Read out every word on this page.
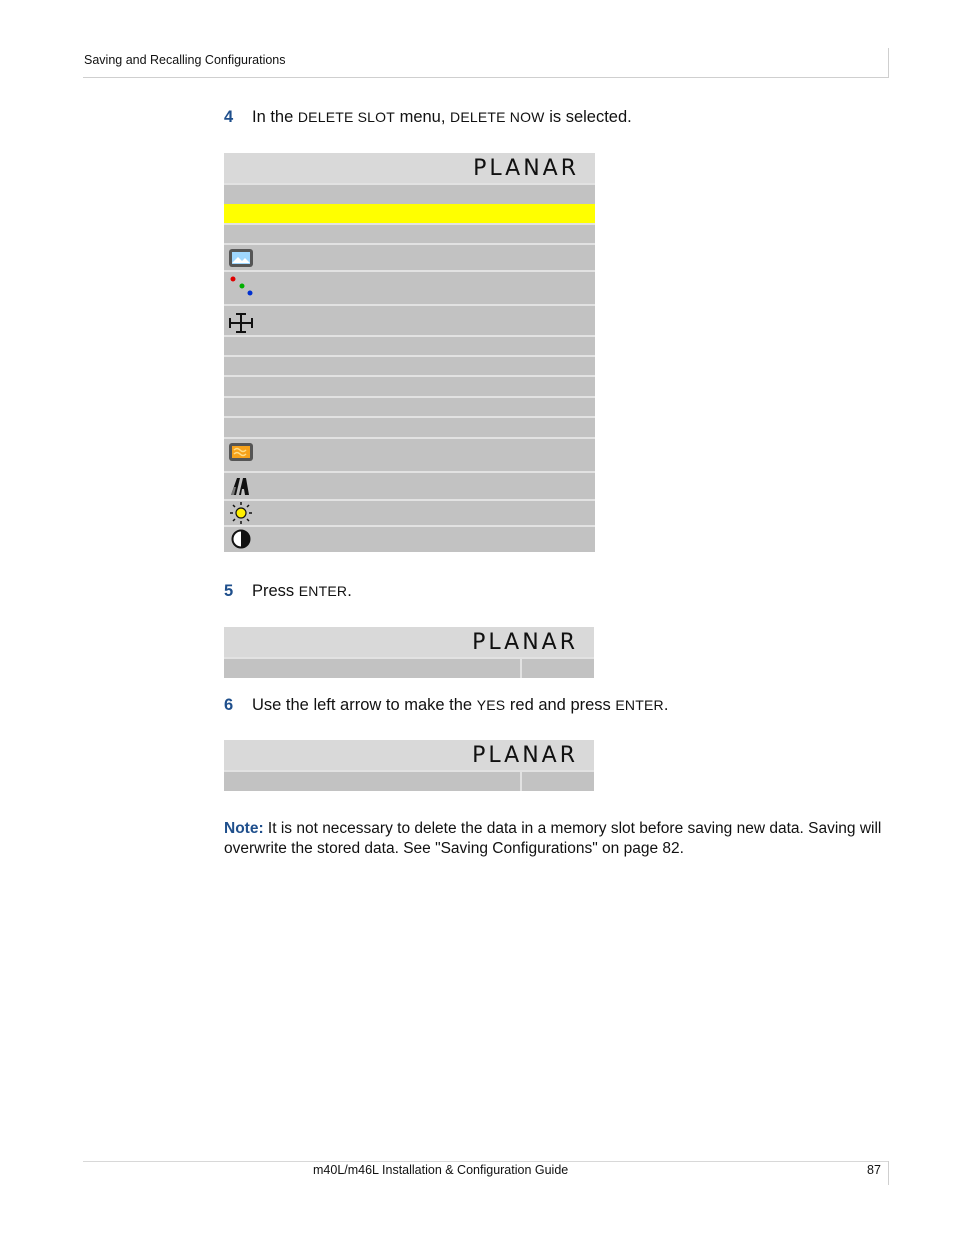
Saving and Recalling Configurations
4 In the DELETE SLOT menu, DELETE NOW is selected.
PLANAR
5 Press ENTER.
PLANAR
6 Use the left arrow to make the YES red and press ENTER.
PLANAR
Note: It is not necessary to delete the data in a memory slot before saving new data. Saving will overwrite the stored data. See "Saving Configurations" on page 82.
m40L/m46L Installation & Configuration Guide	87
